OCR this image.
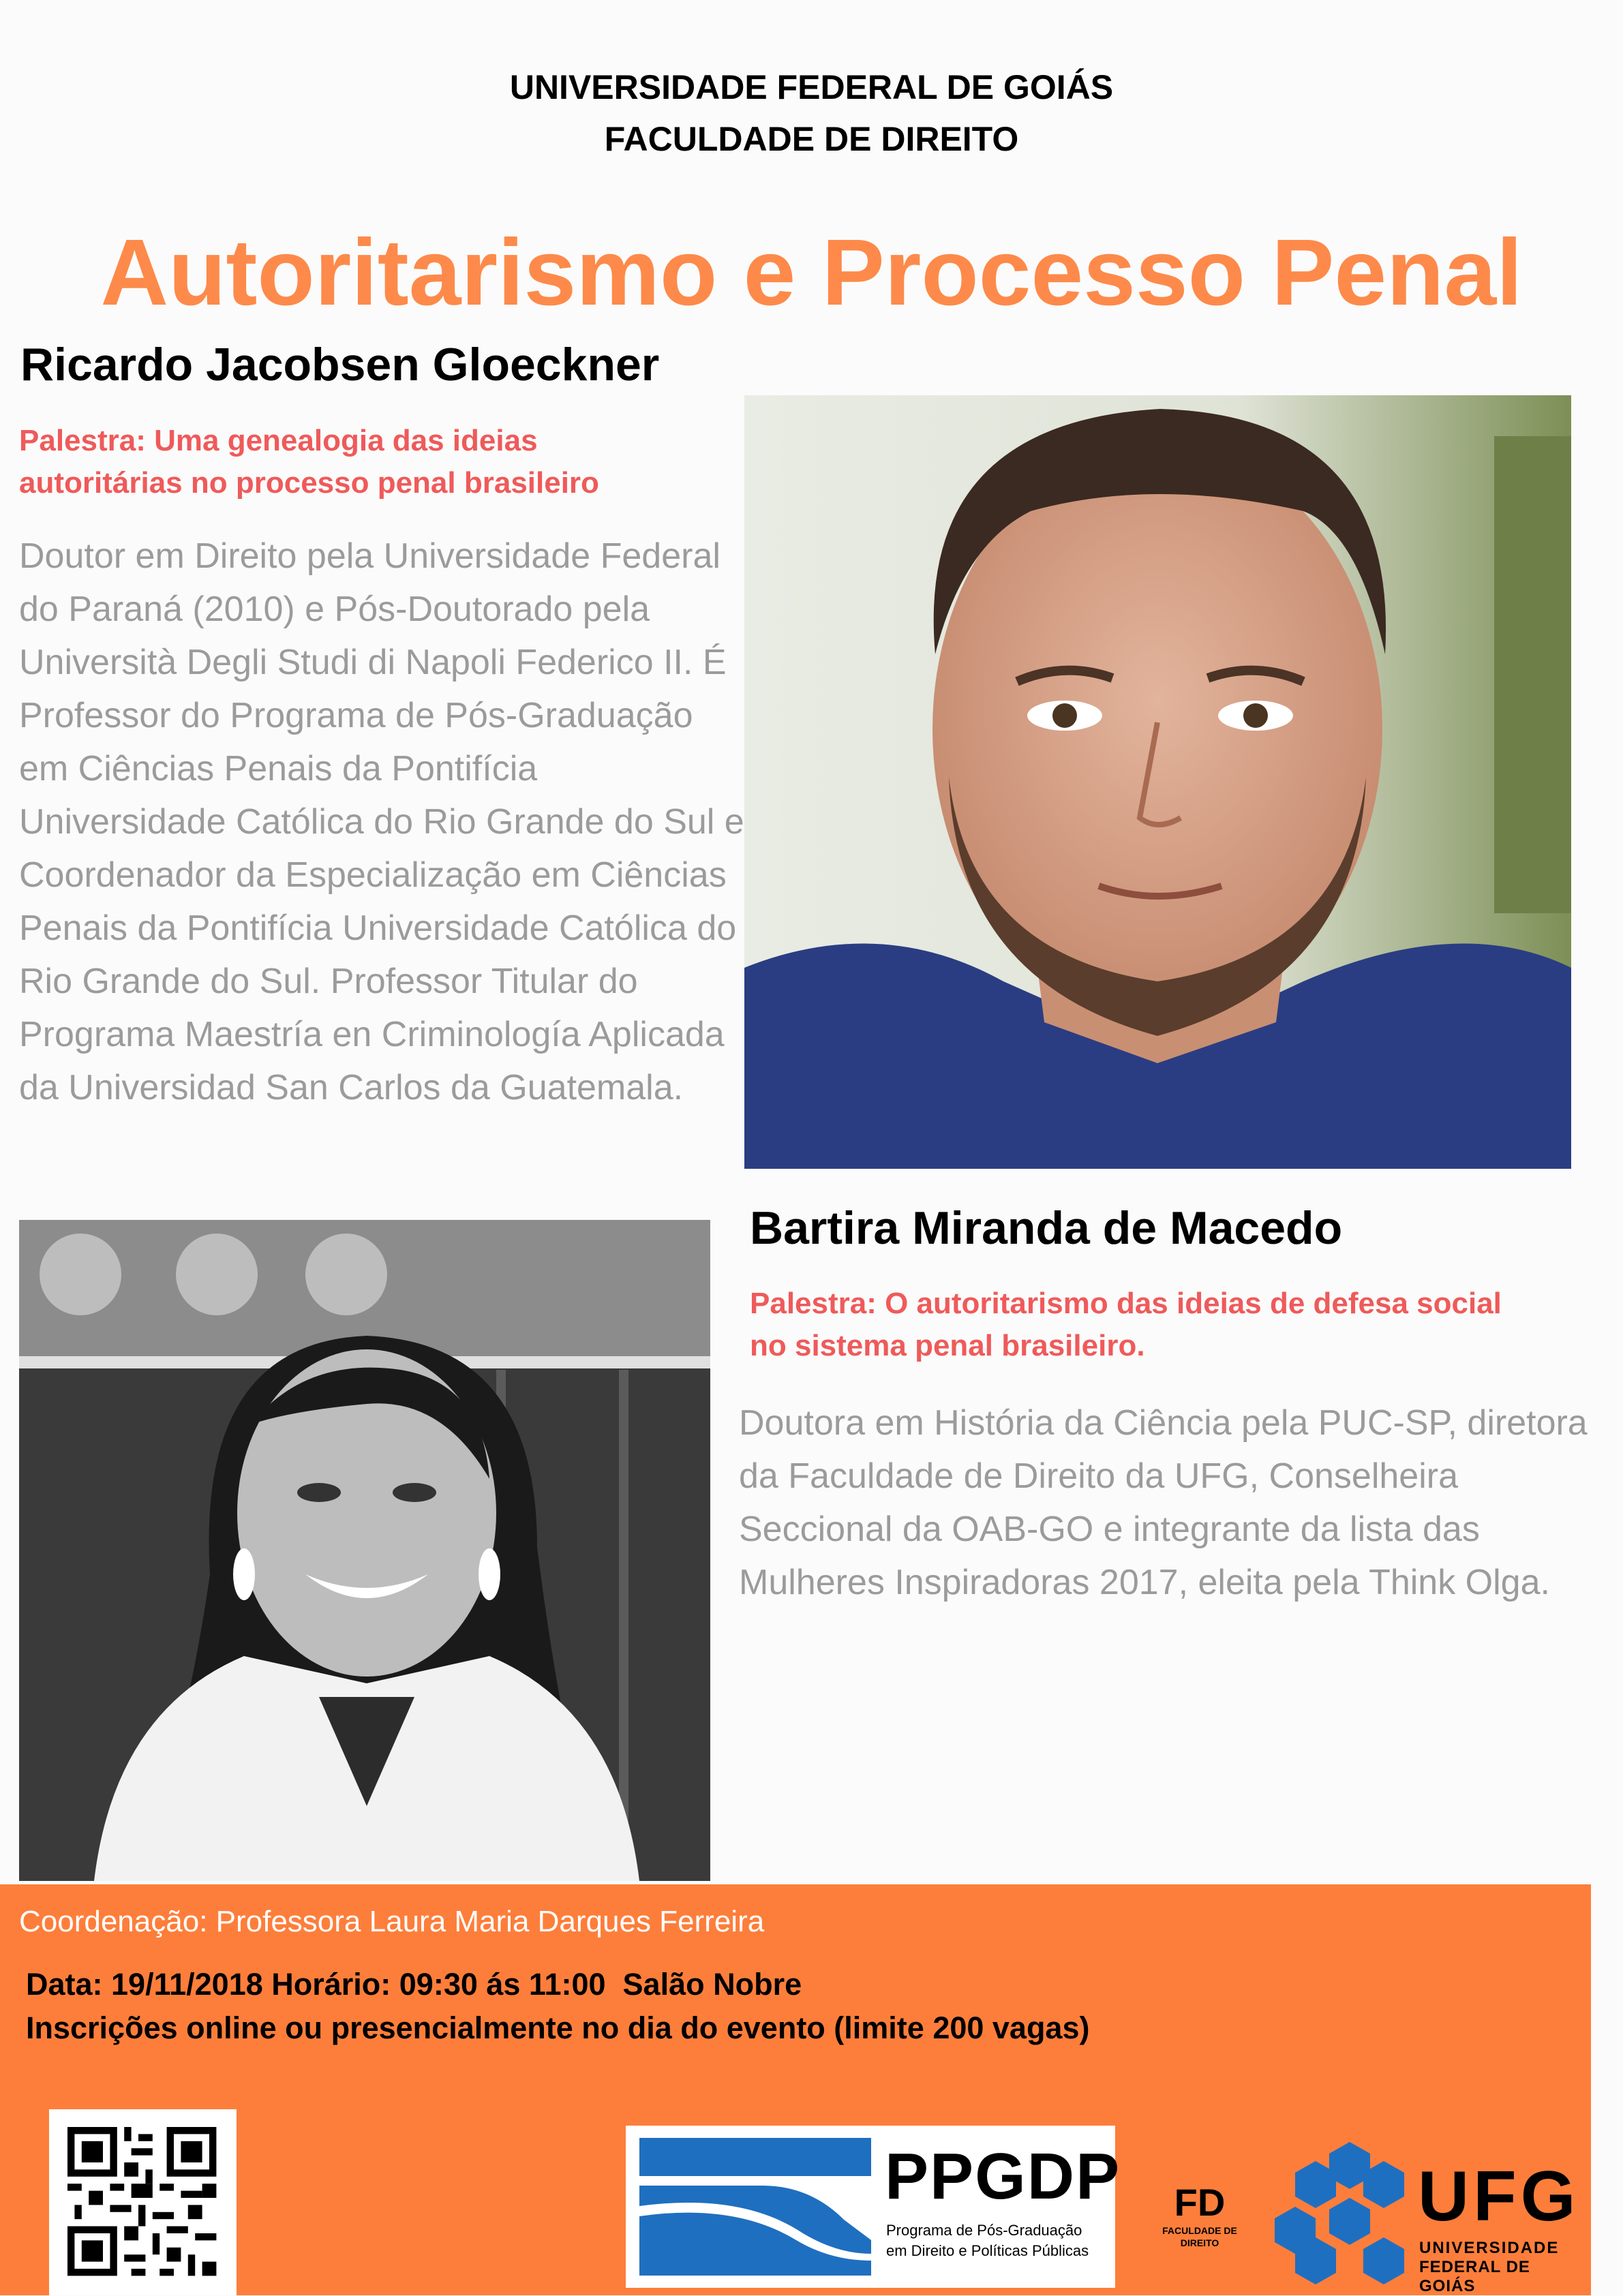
UNIVERSIDADE FEDERAL DE GOIÁS
FACULDADE DE DIREITO
Autoritarismo e Processo Penal
Ricardo Jacobsen Gloeckner
Palestra: Uma genealogia das ideias autoritárias no processo penal brasileiro
Doutor em Direito pela Universidade Federal do Paraná (2010) e Pós-Doutorado pela Università Degli Studi di Napoli Federico II. É Professor do Programa de Pós-Graduação em Ciências Penais da Pontifícia Universidade Católica do Rio Grande do Sul e Coordenador da Especialização em Ciências Penais da Pontifícia Universidade Católica do Rio Grande do Sul. Professor Titular do Programa Maestría en Criminología Aplicada da Universidad San Carlos da Guatemala.
Bartira Miranda de Macedo
Palestra: O autoritarismo das ideias de defesa social no sistema penal brasileiro.
Doutora em História da Ciência pela PUC-SP, diretora da Faculdade de Direito da UFG, Conselheira Seccional da OAB-GO e integrante da lista das Mulheres Inspiradoras 2017, eleita pela Think Olga.
Coordenação: Professora Laura Maria Darques Ferreira
Data: 19/11/2018 Horário: 09:30 ás 11:00  Salão Nobre
Inscrições online ou presencialmente no dia do evento (limite 200 vagas)
PPGDP
Programa de Pós-Graduação
em Direito e Políticas Públicas
FD
FACULDADE DE
DIREITO
UFG
UNIVERSIDADE
FEDERAL DE GOIÁS
